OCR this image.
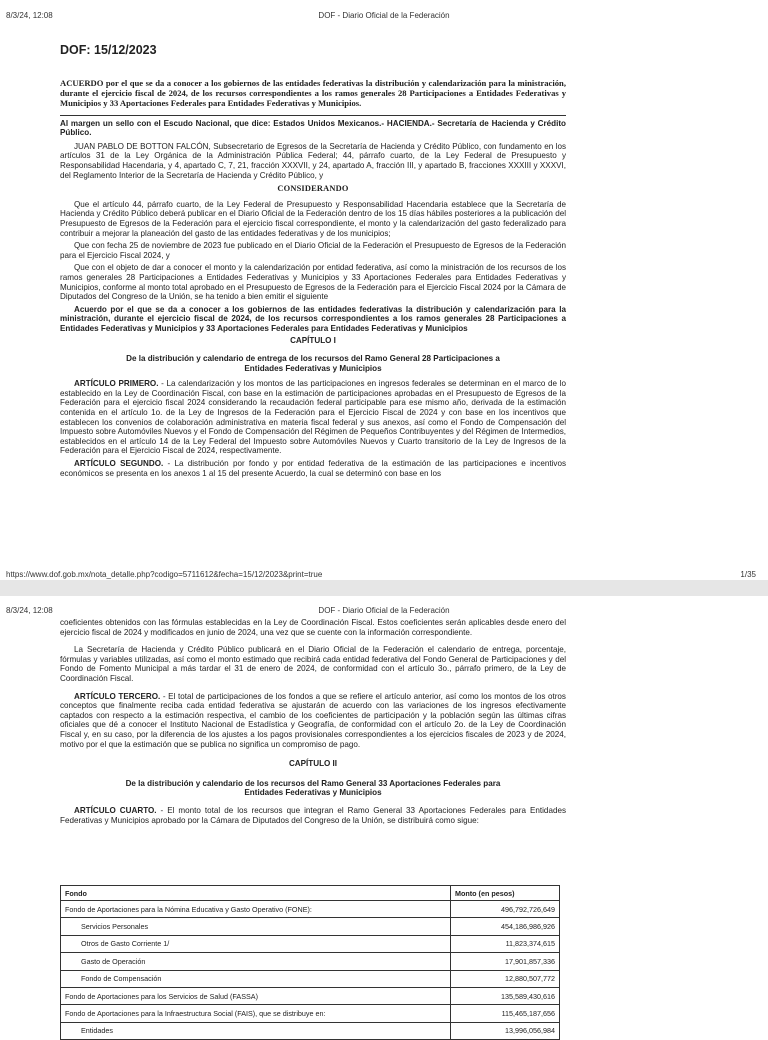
8/3/24, 12:08	DOF - Diario Oficial de la Federación

DOF: 15/12/2023

ACUERDO por el que se da a conocer a los gobiernos de las entidades federativas la distribución y calendarización para la ministración, durante el ejercicio fiscal de 2024, de los recursos correspondientes a los ramos generales 28 Participaciones a Entidades Federativas y Municipios y 33 Aportaciones Federales para Entidades Federativas y Municipios.

Al margen un sello con el Escudo Nacional, que dice: Estados Unidos Mexicanos.- HACIENDA.- Secretaría de Hacienda y Crédito Público.

JUAN PABLO DE BOTTON FALCÓN, Subsecretario de Egresos de la Secretaría de Hacienda y Crédito Público, con fundamento en los artículos 31 de la Ley Orgánica de la Administración Pública Federal; 44, párrafo cuarto, de la Ley Federal de Presupuesto y Responsabilidad Hacendaria, y 4, apartado C, 7, 21, fracción XXXVII, y 24, apartado A, fracción III, y apartado B, fracciones XXXIII y XXXVI, del Reglamento Interior de la Secretaría de Hacienda y Crédito Público, y

CONSIDERANDO

Que el artículo 44, párrafo cuarto, de la Ley Federal de Presupuesto y Responsabilidad Hacendaria establece que la Secretaría de Hacienda y Crédito Público deberá publicar en el Diario Oficial de la Federación dentro de los 15 días hábiles posteriores a la publicación del Presupuesto de Egresos de la Federación para el ejercicio fiscal correspondiente, el monto y la calendarización del gasto federalizado para contribuir a mejorar la planeación del gasto de las entidades federativas y de los municipios;

Que con fecha 25 de noviembre de 2023 fue publicado en el Diario Oficial de la Federación el Presupuesto de Egresos de la Federación para el Ejercicio Fiscal 2024, y

Que con el objeto de dar a conocer el monto y la calendarización por entidad federativa, así como la ministración de los recursos de los ramos generales 28 Participaciones a Entidades Federativas y Municipios y 33 Aportaciones Federales para Entidades Federativas y Municipios, conforme al monto total aprobado en el Presupuesto de Egresos de la Federación para el Ejercicio Fiscal 2024 por la Cámara de Diputados del Congreso de la Unión, se ha tenido a bien emitir el siguiente

Acuerdo por el que se da a conocer a los gobiernos de las entidades federativas la distribución y calendarización para la ministración, durante el ejercicio fiscal de 2024, de los recursos correspondientes a los ramos generales 28 Participaciones a Entidades Federativas y Municipios y 33 Aportaciones Federales para Entidades Federativas y Municipios

CAPÍTULO I

De la distribución y calendario de entrega de los recursos del Ramo General 28 Participaciones a Entidades Federativas y Municipios

ARTÍCULO PRIMERO. - La calendarización y los montos de las participaciones en ingresos federales se determinan en el marco de lo establecido en la Ley de Coordinación Fiscal, con base en la estimación de participaciones aprobadas en el Presupuesto de Egresos de la Federación para el ejercicio fiscal 2024 considerando la recaudación federal participable para ese mismo año, derivada de la estimación contenida en el artículo 1o. de la Ley de Ingresos de la Federación para el Ejercicio Fiscal de 2024 y con base en los incentivos que establecen los convenios de colaboración administrativa en materia fiscal federal y sus anexos, así como el Fondo de Compensación del Impuesto sobre Automóviles Nuevos y el Fondo de Compensación del Régimen de Pequeños Contribuyentes y del Régimen de Intermedios, establecidos en el artículo 14 de la Ley Federal del Impuesto sobre Automóviles Nuevos y Cuarto transitorio de la Ley de Ingresos de la Federación para el Ejercicio Fiscal de 2024, respectivamente.

ARTÍCULO SEGUNDO. - La distribución por fondo y por entidad federativa de la estimación de las participaciones e incentivos económicos se presenta en los anexos 1 al 15 del presente Acuerdo, la cual se determinó con base en los

https://www.dof.gob.mx/nota_detalle.php?codigo=5711612&fecha=15/12/2023&print=true	1/35
8/3/24, 12:08	DOF - Diario Oficial de la Federación

coeficientes obtenidos con las fórmulas establecidas en la Ley de Coordinación Fiscal. Estos coeficientes serán aplicables desde enero del ejercicio fiscal de 2024 y modificados en junio de 2024, una vez que se cuente con la información correspondiente.

La Secretaría de Hacienda y Crédito Público publicará en el Diario Oficial de la Federación el calendario de entrega, porcentaje, fórmulas y variables utilizadas, así como el monto estimado que recibirá cada entidad federativa del Fondo General de Participaciones y del Fondo de Fomento Municipal a más tardar el 31 de enero de 2024, de conformidad con el artículo 3o., párrafo primero, de la Ley de Coordinación Fiscal.

ARTÍCULO TERCERO. - El total de participaciones de los fondos a que se refiere el artículo anterior, así como los montos de los otros conceptos que finalmente reciba cada entidad federativa se ajustarán de acuerdo con las variaciones de los ingresos efectivamente captados con respecto a la estimación respectiva, el cambio de los coeficientes de participación y la población según las últimas cifras oficiales que dé a conocer el Instituto Nacional de Estadística y Geografía, de conformidad con el artículo 2o. de la Ley de Coordinación Fiscal y, en su caso, por la diferencia de los ajustes a los pagos provisionales correspondientes a los ejercicios fiscales de 2023 y de 2024, motivo por el que la estimación que se publica no significa un compromiso de pago.

CAPÍTULO II

De la distribución y calendario de los recursos del Ramo General 33 Aportaciones Federales para Entidades Federativas y Municipios

ARTÍCULO CUARTO. - El monto total de los recursos que integran el Ramo General 33 Aportaciones Federales para Entidades Federativas y Municipios aprobado por la Cámara de Diputados del Congreso de la Unión, se distribuirá como sigue:

Fondo	Monto (en pesos)
Fondo de Aportaciones para la Nómina Educativa y Gasto Operativo (FONE):	496,792,726,649
Servicios Personales	454,186,986,926
Otros de Gasto Corriente 1/	11,823,374,615
Gasto de Operación	17,901,857,336
Fondo de Compensación	12,880,507,772
Fondo de Aportaciones para los Servicios de Salud (FASSA)	135,589,430,616
Fondo de Aportaciones para la Infraestructura Social (FAIS), que se distribuye en:	115,465,187,656
Entidades	13,996,056,984
